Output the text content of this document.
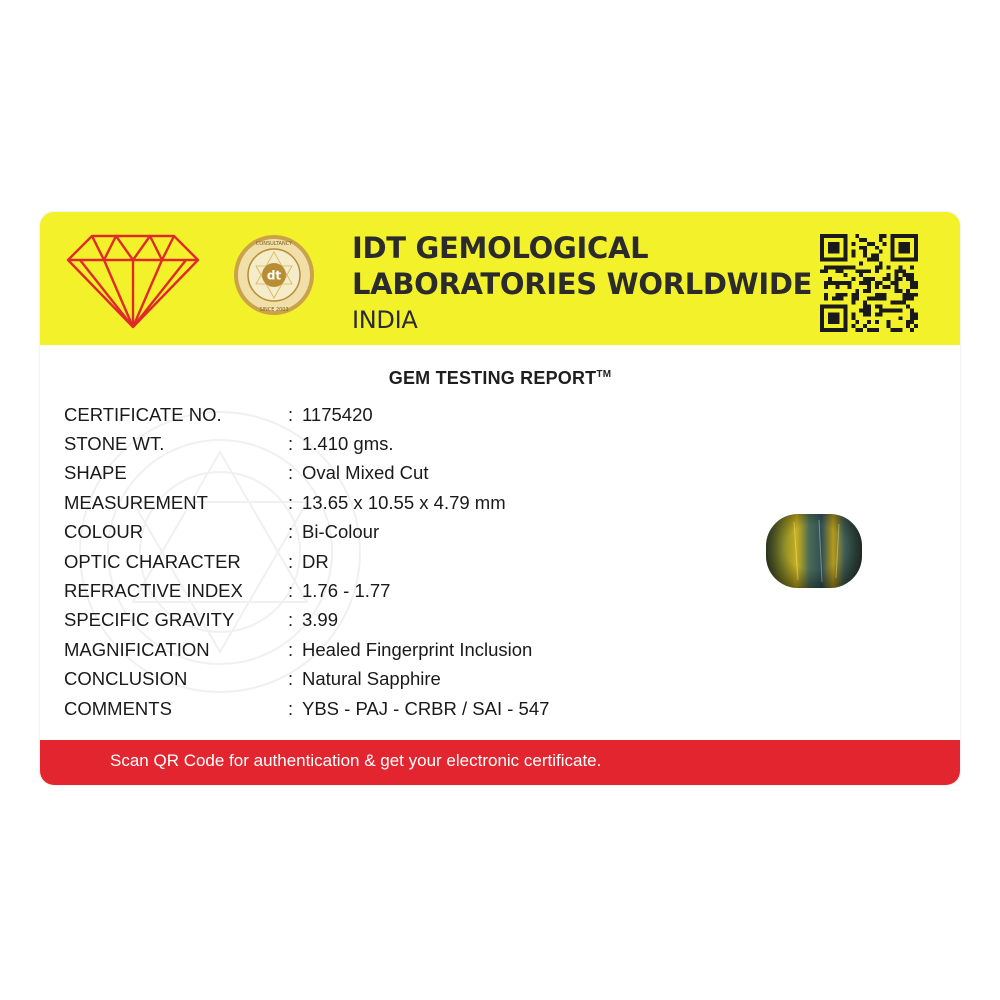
dt
CONSULTANCY
SINCE 2003
IDT GEMOLOGICAL
LABORATORIES WORLDWIDE
INDIA
GEM TESTING REPORT™
CERTIFICATE NO.	: 1175420
STONE WT.	: 1.410 gms.
SHAPE	: Oval Mixed Cut
MEASUREMENT	: 13.65 x 10.55 x 4.79 mm
COLOUR	: Bi-Colour
OPTIC CHARACTER	: DR
REFRACTIVE INDEX	: 1.76 - 1.77
SPECIFIC GRAVITY	: 3.99
MAGNIFICATION	: Healed Fingerprint Inclusion
CONCLUSION	: Natural Sapphire
COMMENTS	: YBS - PAJ - CRBR / SAI - 547
Scan QR Code for authentication & get your electronic certificate.
